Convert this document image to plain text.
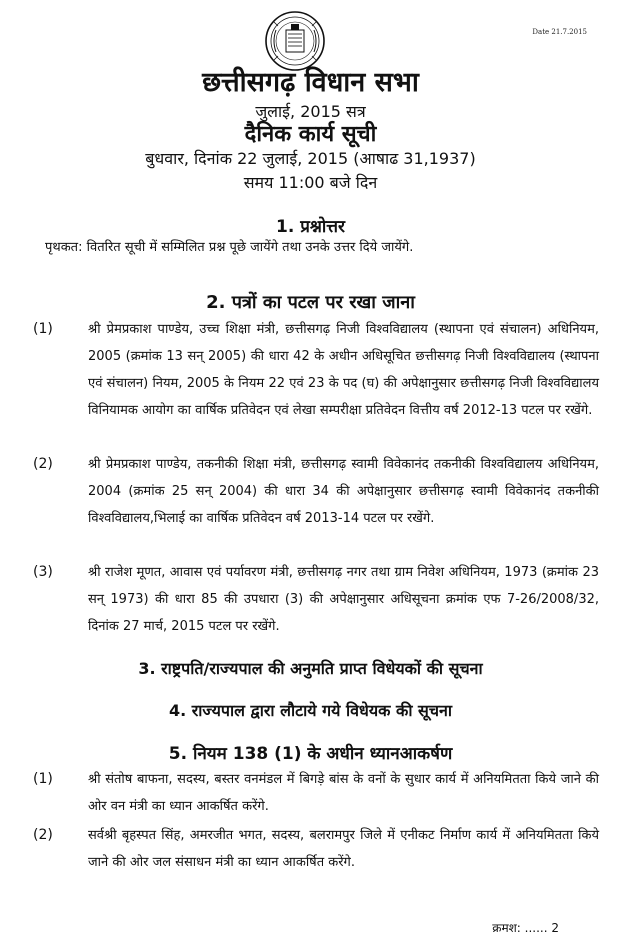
Date 21.7.2015
छत्तीसगढ़ विधान सभा
जुलाई, 2015 सत्र
दैनिक कार्य सूची
बुधवार, दिनांक 22 जुलाई, 2015 (आषाढ 31,1937)
समय 11:00 बजे दिन
1. प्रश्नोत्तर
पृथकत: वितरित सूची में सम्मिलित प्रश्न पूछे जायेंगे तथा उनके उत्तर दिये जायेंगे.
2. पत्रों का पटल पर रखा जाना
(1)	श्री प्रेमप्रकाश पाण्डेय, उच्च शिक्षा मंत्री, छत्तीसगढ़ निजी विश्वविद्यालय (स्थापना एवं संचालन) अधिनियम, 2005 (क्रमांक 13 सन् 2005) की धारा 42 के अधीन अधिसूचित छत्तीसगढ़ निजी विश्वविद्यालय (स्थापना एवं संचालन) नियम, 2005 के नियम 22 एवं 23 के पद (घ) की अपेक्षानुसार छत्तीसगढ़ निजी विश्वविद्यालय विनियामक आयोग का वार्षिक प्रतिवेदन एवं लेखा सम्परीक्षा प्रतिवेदन वित्तीय वर्ष 2012-13 पटल पर रखेंगे.
(2)	श्री प्रेमप्रकाश पाण्डेय, तकनीकी शिक्षा मंत्री, छत्तीसगढ़ स्वामी विवेकानंद तकनीकी विश्वविद्यालय अधिनियम, 2004 (क्रमांक 25 सन् 2004) की धारा 34 की अपेक्षानुसार छत्तीसगढ़ स्वामी विवेकानंद तकनीकी विश्वविद्यालय,भिलाई का वार्षिक प्रतिवेदन वर्ष 2013-14 पटल पर रखेंगे.
(3)	श्री राजेश मूणत, आवास एवं पर्यावरण मंत्री, छत्तीसगढ़ नगर तथा ग्राम निवेश अधिनियम, 1973 (क्रमांक 23 सन् 1973) की धारा 85 की उपधारा (3) की अपेक्षानुसार अधिसूचना क्रमांक एफ 7-26/2008/32, दिनांक 27 मार्च, 2015 पटल पर रखेंगे.
3. राष्ट्रपति/राज्यपाल की अनुमति प्राप्त विधेयकों की सूचना
4. राज्यपाल द्वारा लौटाये गये विधेयक की सूचना
5. नियम 138 (1) के अधीन ध्यानआकर्षण
(1)	श्री संतोष बाफना, सदस्य, बस्तर वनमंडल में बिगड़े बांस के वनों के सुधार कार्य में अनियमितता किये जाने की ओर वन मंत्री का ध्यान आकर्षित करेंगे.
(2)	सर्वश्री बृहस्पत सिंह, अमरजीत भगत, सदस्य, बलरामपुर जिले में एनीकट निर्माण कार्य में अनियमितता किये जाने की ओर जल संसाधन मंत्री का ध्यान आकर्षित करेंगे.
क्रमश: ...... 2
